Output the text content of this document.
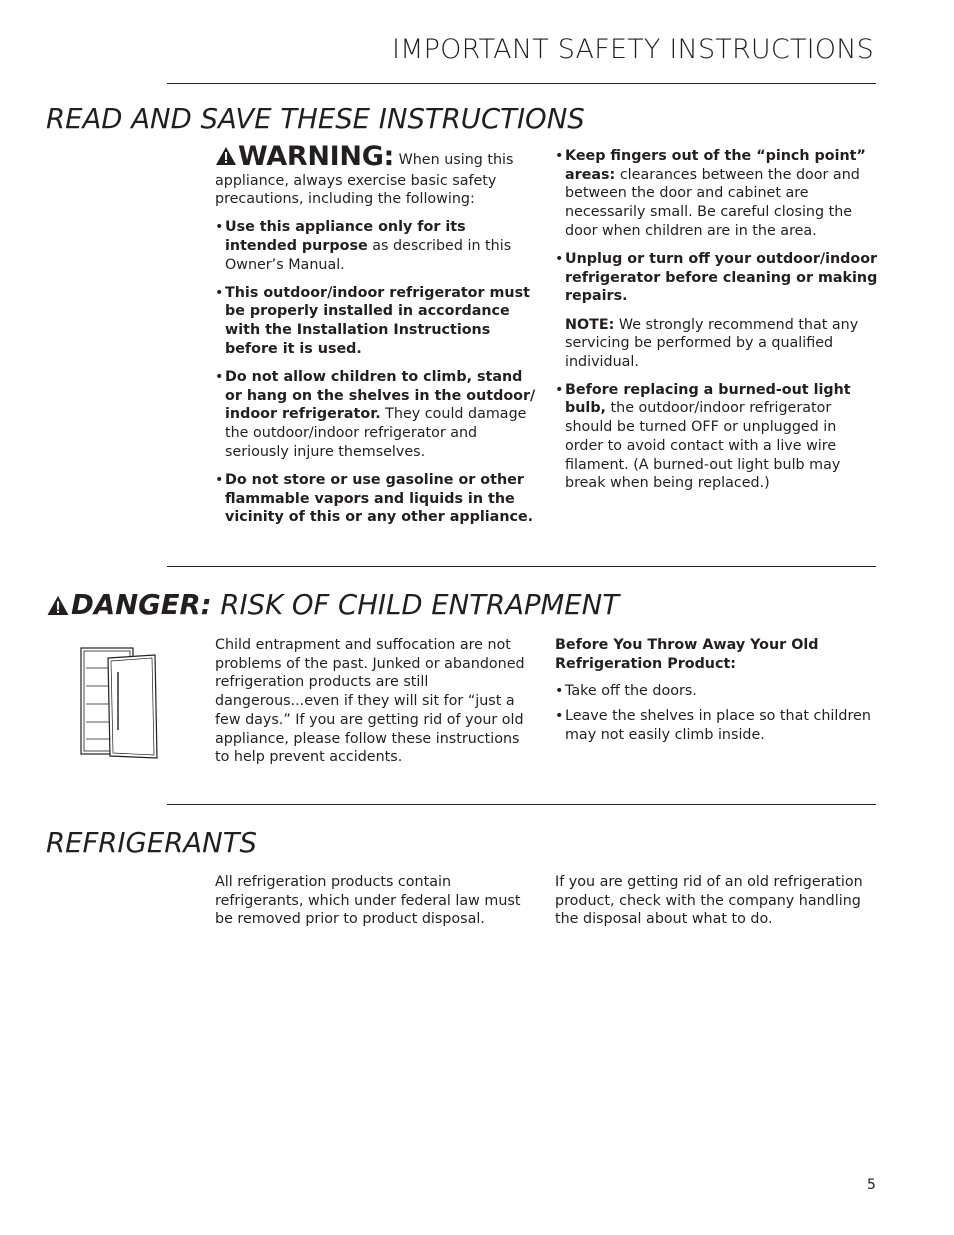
IMPORTANT SAFETY INSTRUCTIONS
READ AND SAVE THESE INSTRUCTIONS

WARNING: When using this appliance, always exercise basic safety precautions, including the following:

• Use this appliance only for its intended purpose as described in this Owner’s Manual.
• This outdoor/indoor refrigerator must be properly installed in accordance with the Installation Instructions before it is used.
• Do not allow children to climb, stand or hang on the shelves in the outdoor/ indoor refrigerator. They could damage the outdoor/indoor refrigerator and seriously injure themselves.
• Do not store or use gasoline or other flammable vapors and liquids in the vicinity of this or any other appliance.
• Keep fingers out of the “pinch point” areas: clearances between the door and between the door and cabinet are necessarily small. Be careful closing the door when children are in the area.
• Unplug or turn off your outdoor/indoor refrigerator before cleaning or making repairs.
NOTE: We strongly recommend that any servicing be performed by a qualified individual.
• Before replacing a burned-out light bulb, the outdoor/indoor refrigerator should be turned OFF or unplugged in order to avoid contact with a live wire filament. (A burned-out light bulb may break when being replaced.)
DANGER: RISK OF CHILD ENTRAPMENT

Child entrapment and suffocation are not problems of the past. Junked or abandoned refrigeration products are still dangerous...even if they will sit for “just a few days.” If you are getting rid of your old appliance, please follow these instructions to help prevent accidents.

Before You Throw Away Your Old Refrigeration Product:

• Take off the doors.
• Leave the shelves in place so that children may not easily climb inside.
REFRIGERANTS

All refrigeration products contain refrigerants, which under federal law must be removed prior to product disposal.

If you are getting rid of an old refrigeration product, check with the company handling the disposal about what to do.

5
